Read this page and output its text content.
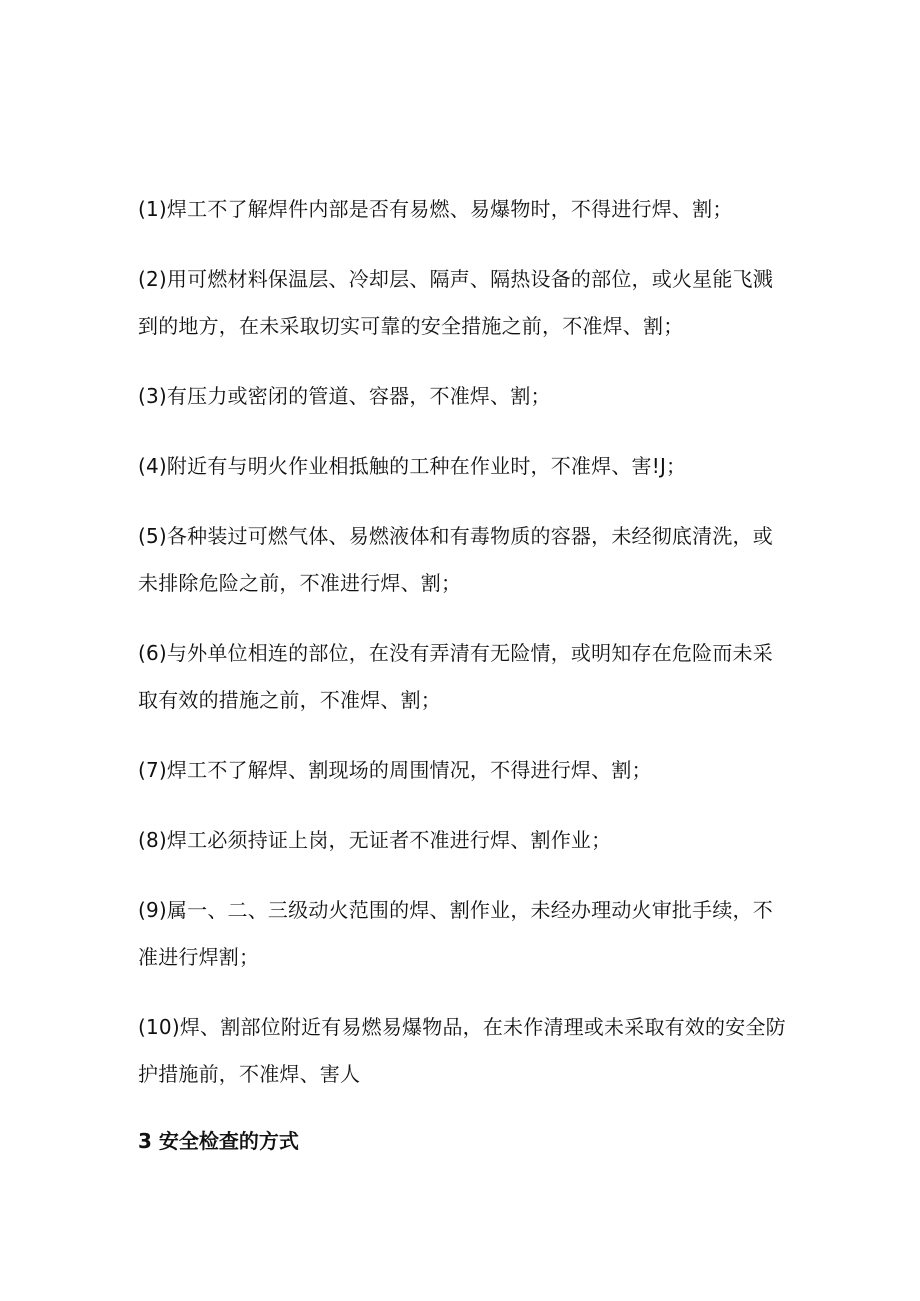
(1)焊工不了解焊件内部是否有易燃、易爆物时，不得进行焊、割；

(2)用可燃材料保温层、冷却层、隔声、隔热设备的部位，或火星能飞溅到的地方，在未采取切实可靠的安全措施之前，不准焊、割；

(3)有压力或密闭的管道、容器，不准焊、割；

(4)附近有与明火作业相抵触的工种在作业时，不准焊、害!J；

(5)各种装过可燃气体、易燃液体和有毒物质的容器，未经彻底清洗，或未排除危险之前，不准进行焊、割；

(6)与外单位相连的部位，在没有弄清有无险情，或明知存在危险而未采取有效的措施之前，不准焊、割；

(7)焊工不了解焊、割现场的周围情况，不得进行焊、割；

(8)焊工必须持证上岗，无证者不准进行焊、割作业；

(9)属一、二、三级动火范围的焊、割作业，未经办理动火审批手续，不准进行焊割；

(10)焊、割部位附近有易燃易爆物品，在未作清理或未采取有效的安全防护措施前，不准焊、害人

3 安全检查的方式
